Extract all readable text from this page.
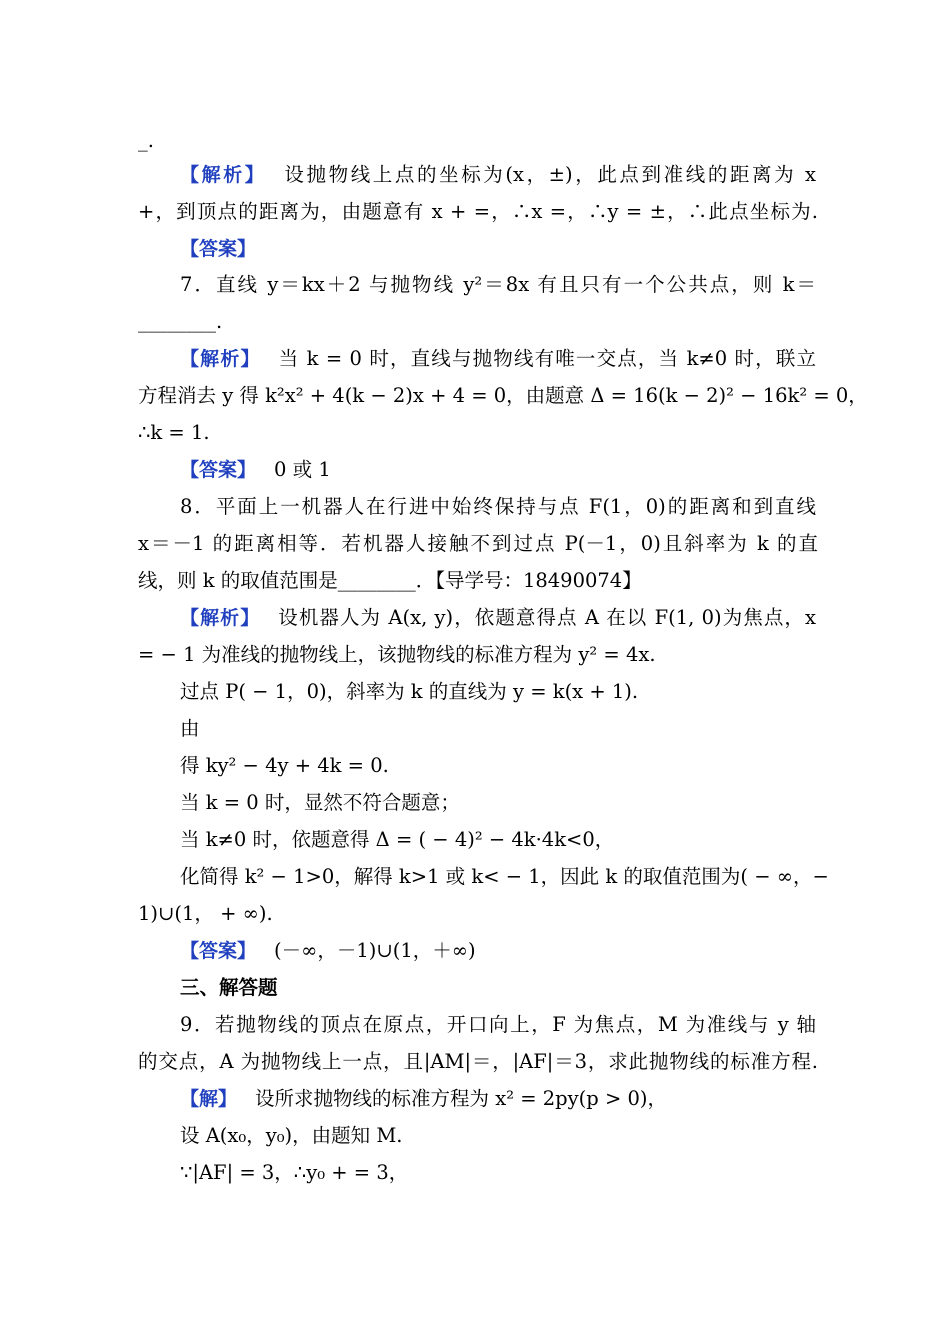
_.
【解析】 设抛物线上点的坐标为(x，±)，此点到准线的距离为 x
+，到顶点的距离为，由题意有 x + =，∴x =，∴y = ±，∴此点坐标为.
【答案】
7．直线 y＝kx＋2 与抛物线 y²＝8x 有且只有一个公共点，则 k＝
________.
【解析】 当 k = 0 时，直线与抛物线有唯一交点，当 k≠0 时，联立
方程消去 y 得 k²x² + 4(k − 2)x + 4 = 0，由题意 Δ = 16(k − 2)² − 16k² = 0，
∴k = 1.
【答案】 0 或 1
8．平面上一机器人在行进中始终保持与点 F(1，0)的距离和到直线
x＝－1 的距离相等．若机器人接触不到过点 P(－1，0)且斜率为 k 的直
线，则 k 的取值范围是________．【导学号：18490074】
【解析】 设机器人为 A(x, y)，依题意得点 A 在以 F(1, 0)为焦点，x
= − 1 为准线的抛物线上，该抛物线的标准方程为 y² = 4x.
过点 P( − 1，0)，斜率为 k 的直线为 y = k(x + 1).
由
得 ky² − 4y + 4k = 0.
当 k = 0 时，显然不符合题意；
当 k≠0 时，依题意得 Δ = ( − 4)² − 4k·4k<0，
化简得 k² − 1>0，解得 k>1 或 k< − 1，因此 k 的取值范围为( − ∞，−
1)∪(1， + ∞).
【答案】 (－∞，－1)∪(1，＋∞)
三、解答题
9．若抛物线的顶点在原点，开口向上，F 为焦点，M 为准线与 y 轴
的交点，A 为抛物线上一点，且|AM|＝，|AF|＝3，求此抛物线的标准方程.
【解】 设所求抛物线的标准方程为 x² = 2py(p > 0)，
设 A(x₀，y₀)，由题知 M.
∵|AF| = 3，∴y₀ + = 3，
